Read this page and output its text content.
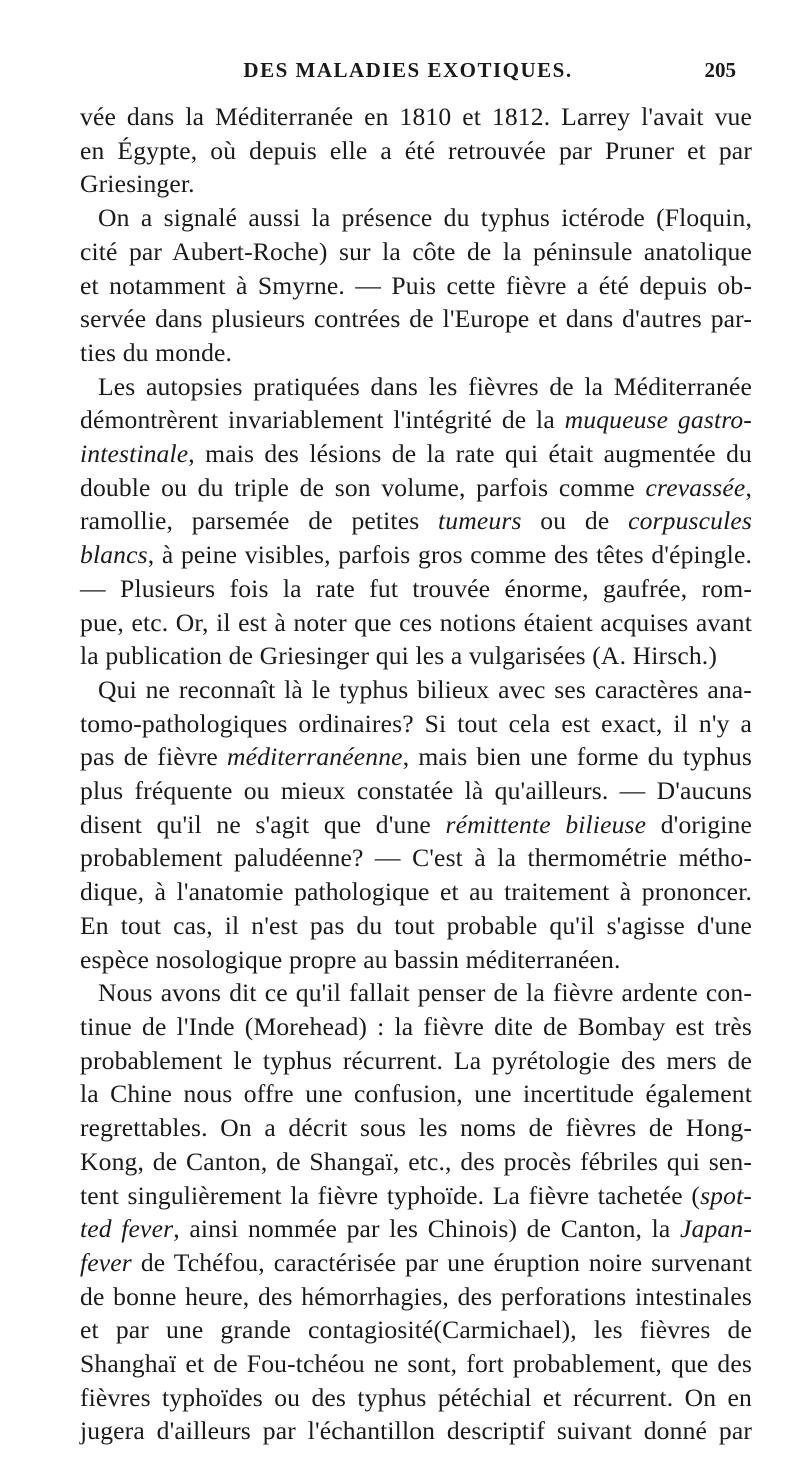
DES MALADIES EXOTIQUES.	205
vée dans la Méditerranée en 1810 et 1812. Larrey l'avait vue
en Égypte, où depuis elle a été retrouvée par Pruner et par
Griesinger.
On a signalé aussi la présence du typhus ictérode (Floquin,
cité par Aubert-Roche) sur la côte de la péninsule anatolique
et notamment à Smyrne. — Puis cette fièvre a été depuis ob-
servée dans plusieurs contrées de l'Europe et dans d'autres par-
ties du monde.
Les autopsies pratiquées dans les fièvres de la Méditerranée
démontrèrent invariablement l'intégrité de la muqueuse gastro-
intestinale, mais des lésions de la rate qui était augmentée du
double ou du triple de son volume, parfois comme crevassée,
ramollie, parsemée de petites tumeurs ou de corpuscules
blancs, à peine visibles, parfois gros comme des têtes d'épingle.
— Plusieurs fois la rate fut trouvée énorme, gaufrée, rom-
pue, etc. Or, il est à noter que ces notions étaient acquises avant
la publication de Griesinger qui les a vulgarisées (A. Hirsch.)
Qui ne reconnaît là le typhus bilieux avec ses caractères ana-
tomo-pathologiques ordinaires? Si tout cela est exact, il n'y a
pas de fièvre méditerranéenne, mais bien une forme du typhus
plus fréquente ou mieux constatée là qu'ailleurs. — D'aucuns
disent qu'il ne s'agit que d'une rémittente bilieuse d'origine
probablement paludéenne? — C'est à la thermométrie métho-
dique, à l'anatomie pathologique et au traitement à prononcer.
En tout cas, il n'est pas du tout probable qu'il s'agisse d'une
espèce nosologique propre au bassin méditerranéen.
Nous avons dit ce qu'il fallait penser de la fièvre ardente con-
tinue de l'Inde (Morehead) : la fièvre dite de Bombay est très
probablement le typhus récurrent. La pyrétologie des mers de
la Chine nous offre une confusion, une incertitude également
regrettables. On a décrit sous les noms de fièvres de Hong-
Kong, de Canton, de Shangaï, etc., des procès fébriles qui sen-
tent singulièrement la fièvre typhoïde. La fièvre tachetée (spot-
ted fever, ainsi nommée par les Chinois) de Canton, la Japan-
fever de Tchéfou, caractérisée par une éruption noire survenant
de bonne heure, des hémorrhagies, des perforations intestinales
et par une grande contagiosité(Carmichael), les fièvres de
Shanghaï et de Fou-tchéou ne sont, fort probablement, que des
fièvres typhoïdes ou des typhus pétéchial et récurrent. On en
jugera d'ailleurs par l'échantillon descriptif suivant donné par
